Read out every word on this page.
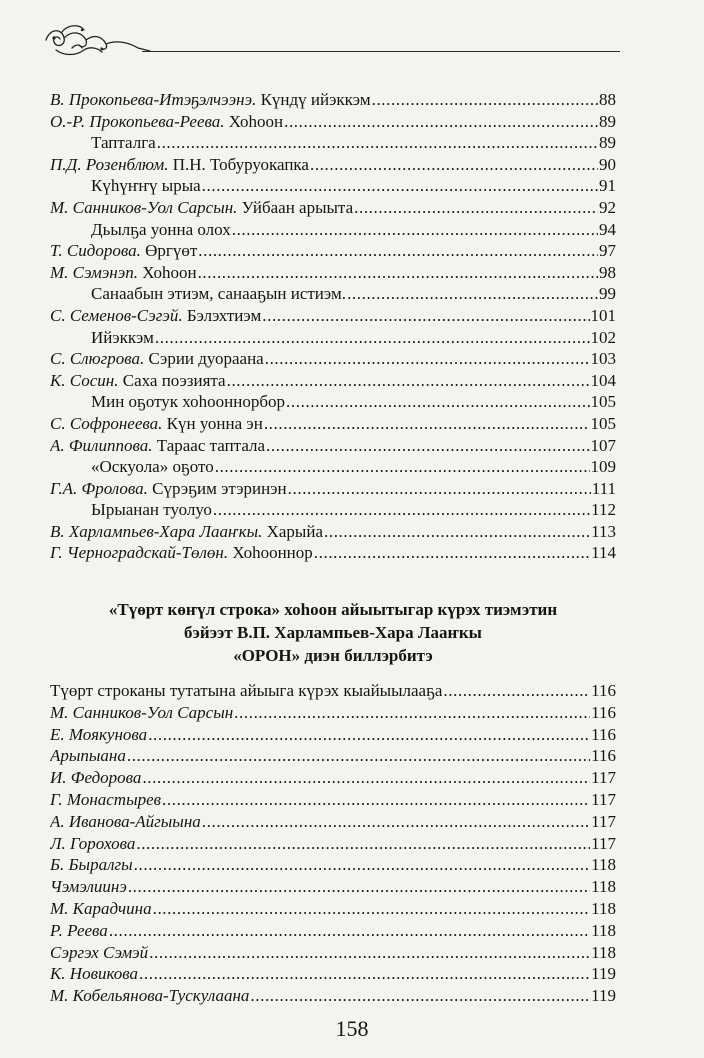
В. Прокопьева-Итэҕэлчээнэ.
Күндү ийэккэм .....	88
О.-Р. Прокопьева-Реева.
Хоһоон .....	89
Тапталга .....	89
П.Д. Розенблюм.
П.Н. Тобуруокапка .....	90
Күһүҥҥү ырыа .....	91
М. Санников-Уол Сарсын.
Уйбаан арыыта .....	92
Дьылҕа уонна олох .....	94
Т. Сидорова.
Өргүөт .....	97
М. Сэмэнэп.
Хоһоон .....	98
Санаабын этиэм, санааҕын истиэм. .....	99
С. Семенов-Сэгэй.
Бэлэхтиэм .....	101
Ийэккэм .....	102
С. Слюгрова.
Сэрии дуораана .....	103
К. Сосин.
Саха поэзията .....	104
Мин оҕотук хоһооннорбор .....	105
С. Софронеева.
Күн уонна эн .....	105
А. Филиппова.
Тараас таптала .....	107
«Оскуола» оҕото .....	109
Г.А. Фролова.
Сүрэҕим этэринэн .....	111
Ырыанан туолуо .....	112
В. Харлампьев-Хара Лааҥкы.
Харыйа .....	113
Г. Черноградскай-Төлөн.
Хоһооннор .....	114
«Түөрт көҥүл строка» хоһоон айыытыгар күрэх тиэмэтин
бэйээт В.П. Харлампьев-Хара Лааҥкы
«ОРОН» диэн биллэрбитэ
Түөрт строканы тутатына айыыга күрэх кыайыылааҕа .....	116
М. Санников-Уол Сарсын .....	116
Е. Моякунова .....	116
Арыпыана .....	116
И. Федорова .....	117
Г. Монастырев .....	117
А. Иванова-Айгыына .....	117
Л. Горохова .....	117
Б. Быралгы .....	118
Чэмэлиинэ .....	118
М. Карадчина .....	118
Р. Реева .....	118
Сэргэх Сэмэй .....	118
К. Новикова .....	119
М. Кобельянова-Тускулаана .....	119
158
